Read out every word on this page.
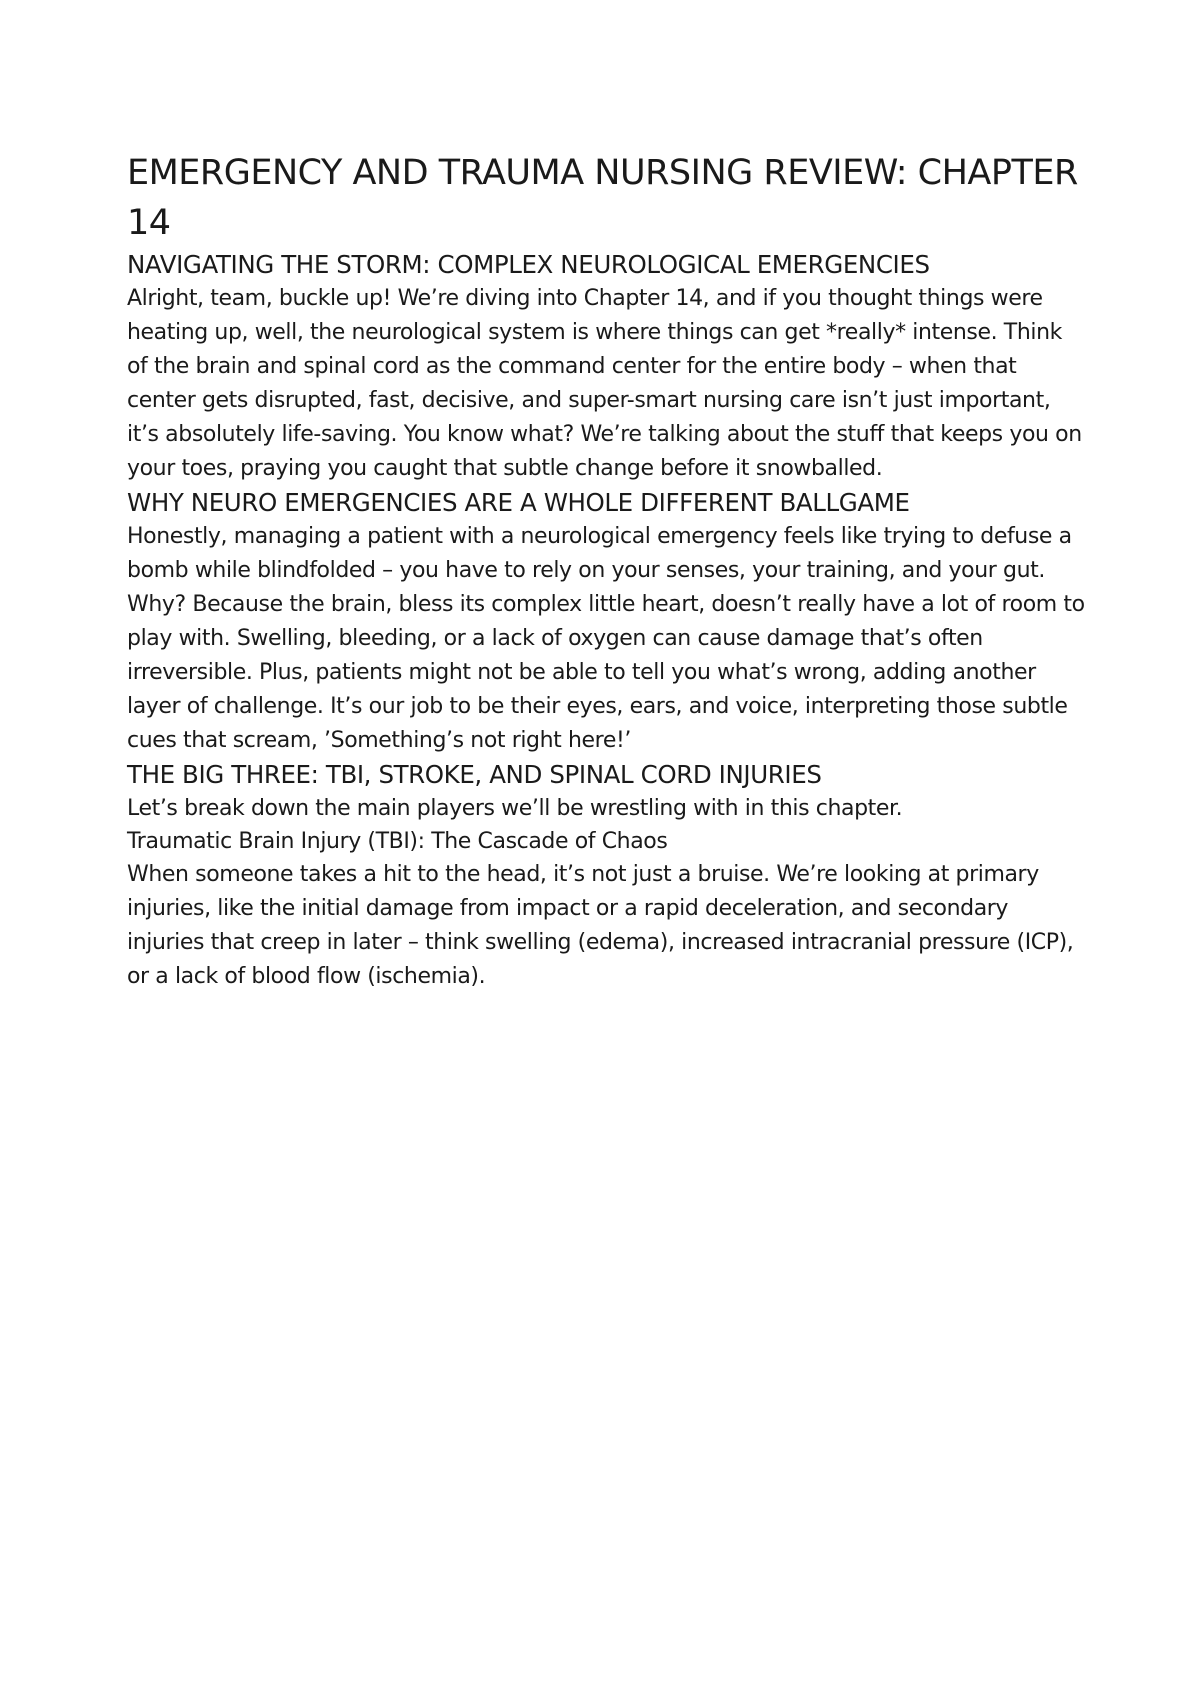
EMERGENCY AND TRAUMA NURSING REVIEW: CHAPTER 14
NAVIGATING THE STORM: COMPLEX NEUROLOGICAL EMERGENCIES

Alright, team, buckle up! We’re diving into Chapter 14, and if you thought things were heating up, well, the neurological system is where things can get *really* intense. Think of the brain and spinal cord as the command center for the entire body – when that center gets disrupted, fast, decisive, and super-smart nursing care isn’t just important, it’s absolutely life-saving. You know what? We’re talking about the stuff that keeps you on your toes, praying you caught that subtle change before it snowballed.

WHY NEURO EMERGENCIES ARE A WHOLE DIFFERENT BALLGAME

Honestly, managing a patient with a neurological emergency feels like trying to defuse a bomb while blindfolded – you have to rely on your senses, your training, and your gut. Why? Because the brain, bless its complex little heart, doesn’t really have a lot of room to play with. Swelling, bleeding, or a lack of oxygen can cause damage that’s often irreversible. Plus, patients might not be able to tell you what’s wrong, adding another layer of challenge. It’s our job to be their eyes, ears, and voice, interpreting those subtle cues that scream, ’Something’s not right here!’

THE BIG THREE: TBI, STROKE, AND SPINAL CORD INJURIES

Let’s break down the main players we’ll be wrestling with in this chapter.

Traumatic Brain Injury (TBI): The Cascade of Chaos

When someone takes a hit to the head, it’s not just a bruise. We’re looking at primary injuries, like the initial damage from impact or a rapid deceleration, and secondary injuries that creep in later – think swelling (edema), increased intracranial pressure (ICP), or a lack of blood flow (ischemia).
